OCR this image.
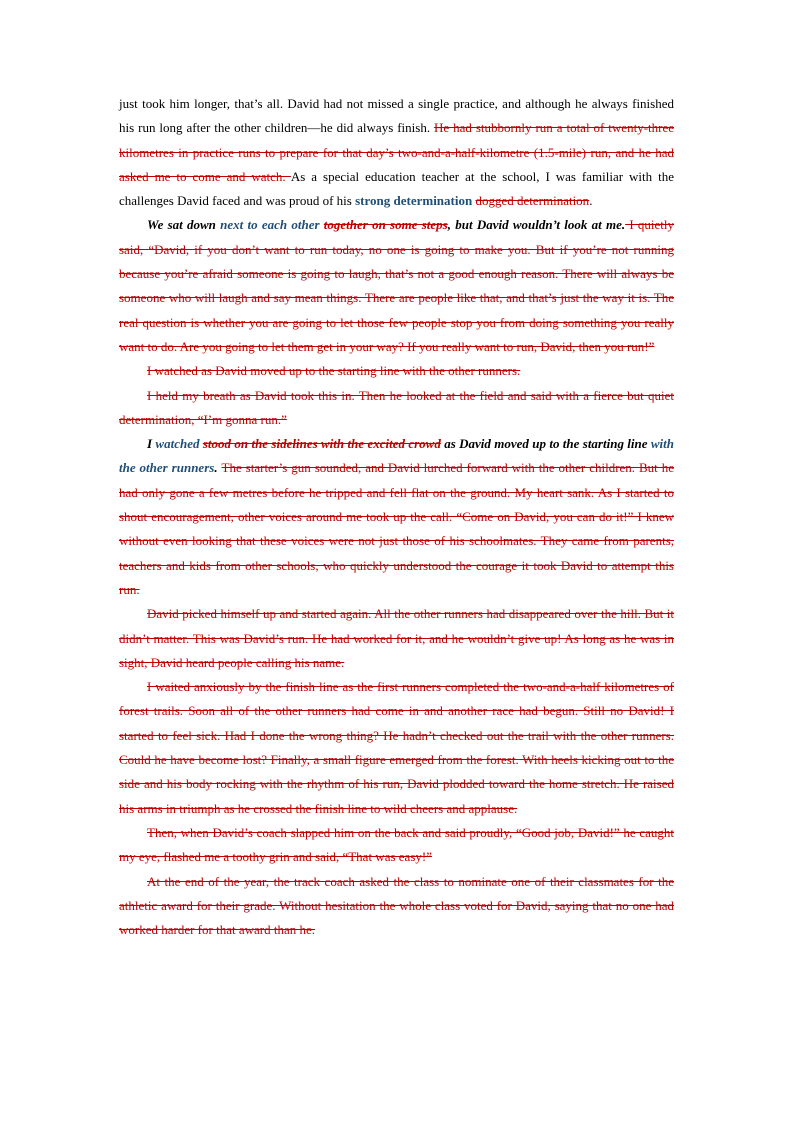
just took him longer, that’s all. David had not missed a single practice, and although he always finished his run long after the other children—he did always finish. He had stubbornly run a total of twenty-three kilometres in practice runs to prepare for that day’s two-and-a-half-kilometre (1.5-mile) run, and he had asked me to come and watch. As a special education teacher at the school, I was familiar with the challenges David faced and was proud of his strong determination dogged determination.

We sat down next to each other together on some steps, but David wouldn’t look at me. I quietly said, “David, if you don’t want to run today, no one is going to make you. But if you’re not running because you’re afraid someone is going to laugh, that’s not a good enough reason. There will always be someone who will laugh and say mean things. There are people like that, and that’s just the way it is. The real question is whether you are going to let those few people stop you from doing something you really want to do. Are you going to let them get in your way? If you really want to run, David, then you run!”

I watched as David moved up to the starting line with the other runners.

I held my breath as David took this in. Then he looked at the field and said with a fierce but quiet determination, “I’m gonna run.”

I watched stood on the sidelines with the excited crowd as David moved up to the starting line with the other runners. The starter’s gun sounded, and David lurched forward with the other children. But he had only gone a few metres before he tripped and fell flat on the ground. My heart sank. As I started to shout encouragement, other voices around me took up the call. “Come on David, you can do it!” I knew without even looking that these voices were not just those of his schoolmates. They came from parents, teachers and kids from other schools, who quickly understood the courage it took David to attempt this run.

David picked himself up and started again. All the other runners had disappeared over the hill. But it didn’t matter. This was David’s run. He had worked for it, and he wouldn’t give up! As long as he was in sight, David heard people calling his name.

I waited anxiously by the finish line as the first runners completed the two-and-a-half kilometres of forest trails. Soon all of the other runners had come in and another race had begun. Still no David! I started to feel sick. Had I done the wrong thing? He hadn’t checked out the trail with the other runners. Could he have become lost? Finally, a small figure emerged from the forest. With heels kicking out to the side and his body rocking with the rhythm of his run, David plodded toward the home stretch. He raised his arms in triumph as he crossed the finish line to wild cheers and applause.

Then, when David’s coach slapped him on the back and said proudly, “Good job, David!” he caught my eye, flashed me a toothy grin and said, “That was easy!”

At the end of the year, the track coach asked the class to nominate one of their classmates for the athletic award for their grade. Without hesitation the whole class voted for David, saying that no one had worked harder for that award than he.
